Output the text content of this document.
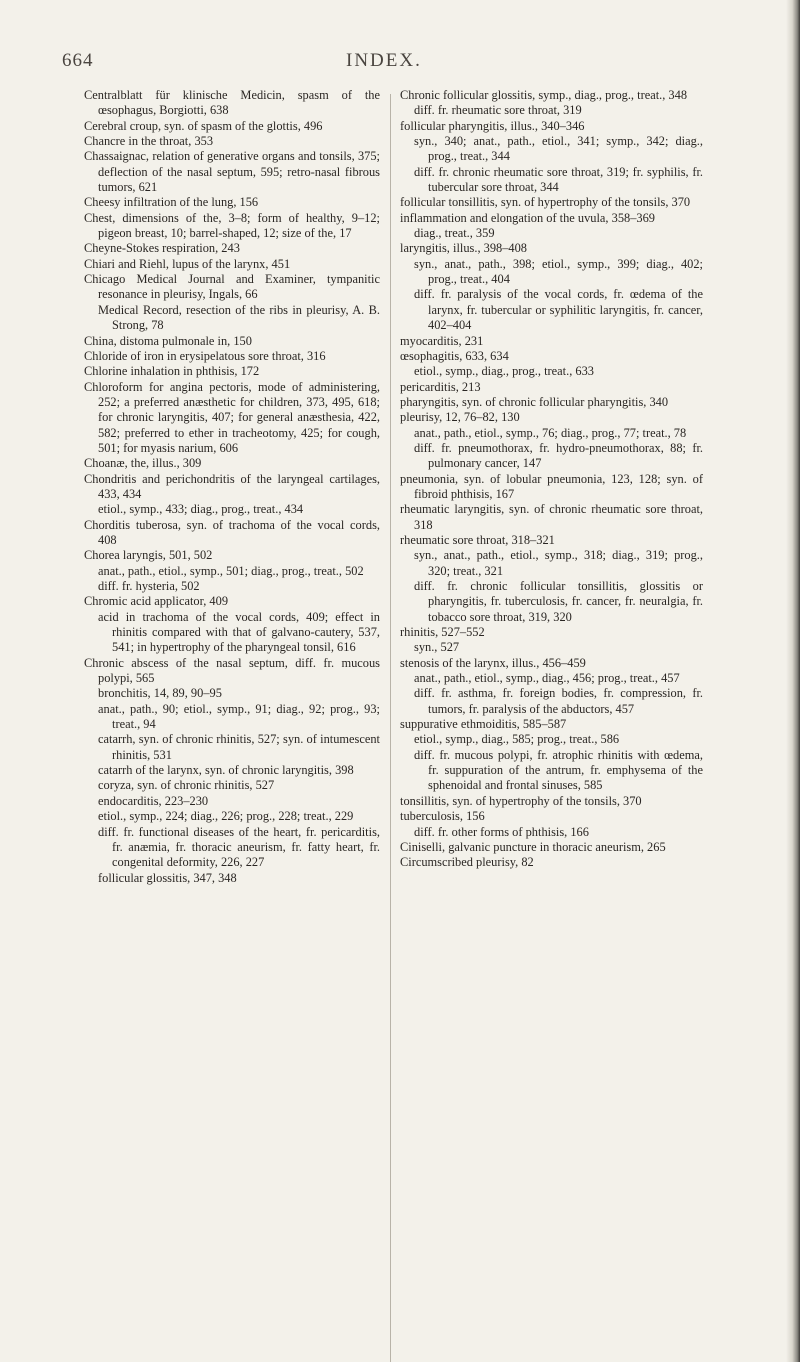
664	INDEX.

Centralblatt für klinische Medicin, spasm of the œsophagus, Borgiotti, 638

Cerebral croup, syn. of spasm of the glottis, 496

Chancre in the throat, 353

Chassaignac, relation of generative organs and tonsils, 375; deflection of the nasal septum, 595; retro-nasal fibrous tumors, 621

Cheesy infiltration of the lung, 156

Chest, dimensions of the, 3–8; form of healthy, 9–12; pigeon breast, 10; barrel-shaped, 12; size of the, 17

Cheyne-Stokes respiration, 243

Chiari and Riehl, lupus of the larynx, 451

Chicago Medical Journal and Examiner, tympanitic resonance in pleurisy, Ingals, 66

Medical Record, resection of the ribs in pleurisy, A. B. Strong, 78

China, distoma pulmonale in, 150

Chloride of iron in erysipelatous sore throat, 316

Chlorine inhalation in phthisis, 172

Chloroform for angina pectoris, mode of administering, 252; a preferred anæsthetic for children, 373, 495, 618; for chronic laryngitis, 407; for general anæsthesia, 422, 582; preferred to ether in tracheotomy, 425; for cough, 501; for myasis narium, 606

Choanæ, the, illus., 309

Chondritis and perichondritis of the laryngeal cartilages, 433, 434

etiol., symp., 433; diag., prog., treat., 434

Chorditis tuberosa, syn. of trachoma of the vocal cords, 408

Chorea laryngis, 501, 502

anat., path., etiol., symp., 501; diag., prog., treat., 502

diff. fr. hysteria, 502

Chromic acid applicator, 409

acid in trachoma of the vocal cords, 409; effect in rhinitis compared with that of galvano-cautery, 537, 541; in hypertrophy of the pharyngeal tonsil, 616

Chronic abscess of the nasal septum, diff. fr. mucous polypi, 565

bronchitis, 14, 89, 90–95

anat., path., 90; etiol., symp., 91; diag., 92; prog., 93; treat., 94

catarrh, syn. of chronic rhinitis, 527; syn. of intumescent rhinitis, 531

catarrh of the larynx, syn. of chronic laryngitis, 398

coryza, syn. of chronic rhinitis, 527

endocarditis, 223–230

etiol., symp., 224; diag., 226; prog., 228; treat., 229

diff. fr. functional diseases of the heart, fr. pericarditis, fr. anæmia, fr. thoracic aneurism, fr. fatty heart, fr. congenital deformity, 226, 227

follicular glossitis, 347, 348

Chronic follicular glossitis, symp., diag., prog., treat., 348

diff. fr. rheumatic sore throat, 319

follicular pharyngitis, illus., 340–346

syn., 340; anat., path., etiol., 341; symp., 342; diag., prog., treat., 344

diff. fr. chronic rheumatic sore throat, 319; fr. syphilis, fr. tubercular sore throat, 344

follicular tonsillitis, syn. of hypertrophy of the tonsils, 370

inflammation and elongation of the uvula, 358–369

diag., treat., 359

laryngitis, illus., 398–408

syn., anat., path., 398; etiol., symp., 399; diag., 402; prog., treat., 404

diff. fr. paralysis of the vocal cords, fr. œdema of the larynx, fr. tubercular or syphilitic laryngitis, fr. cancer, 402–404

myocarditis, 231

œsophagitis, 633, 634

etiol., symp., diag., prog., treat., 633

pericarditis, 213

pharyngitis, syn. of chronic follicular pharyngitis, 340

pleurisy, 12, 76–82, 130

anat., path., etiol., symp., 76; diag., prog., 77; treat., 78

diff. fr. pneumothorax, fr. hydro-pneumothorax, 88; fr. pulmonary cancer, 147

pneumonia, syn. of lobular pneumonia, 123, 128; syn. of fibroid phthisis, 167

rheumatic laryngitis, syn. of chronic rheumatic sore throat, 318

rheumatic sore throat, 318–321

syn., anat., path., etiol., symp., 318; diag., 319; prog., 320; treat., 321

diff. fr. chronic follicular tonsillitis, glossitis or pharyngitis, fr. tuberculosis, fr. cancer, fr. neuralgia, fr. tobacco sore throat, 319, 320

rhinitis, 527–552

syn., 527

stenosis of the larynx, illus., 456–459

anat., path., etiol., symp., diag., 456; prog., treat., 457

diff. fr. asthma, fr. foreign bodies, fr. compression, fr. tumors, fr. paralysis of the abductors, 457

suppurative ethmoiditis, 585–587

etiol., symp., diag., 585; prog., treat., 586

diff. fr. mucous polypi, fr. atrophic rhinitis with œdema, fr. suppuration of the antrum, fr. emphysema of the sphenoidal and frontal sinuses, 585

tonsillitis, syn. of hypertrophy of the tonsils, 370

tuberculosis, 156

diff. fr. other forms of phthisis, 166

Ciniselli, galvanic puncture in thoracic aneurism, 265

Circumscribed pleurisy, 82
